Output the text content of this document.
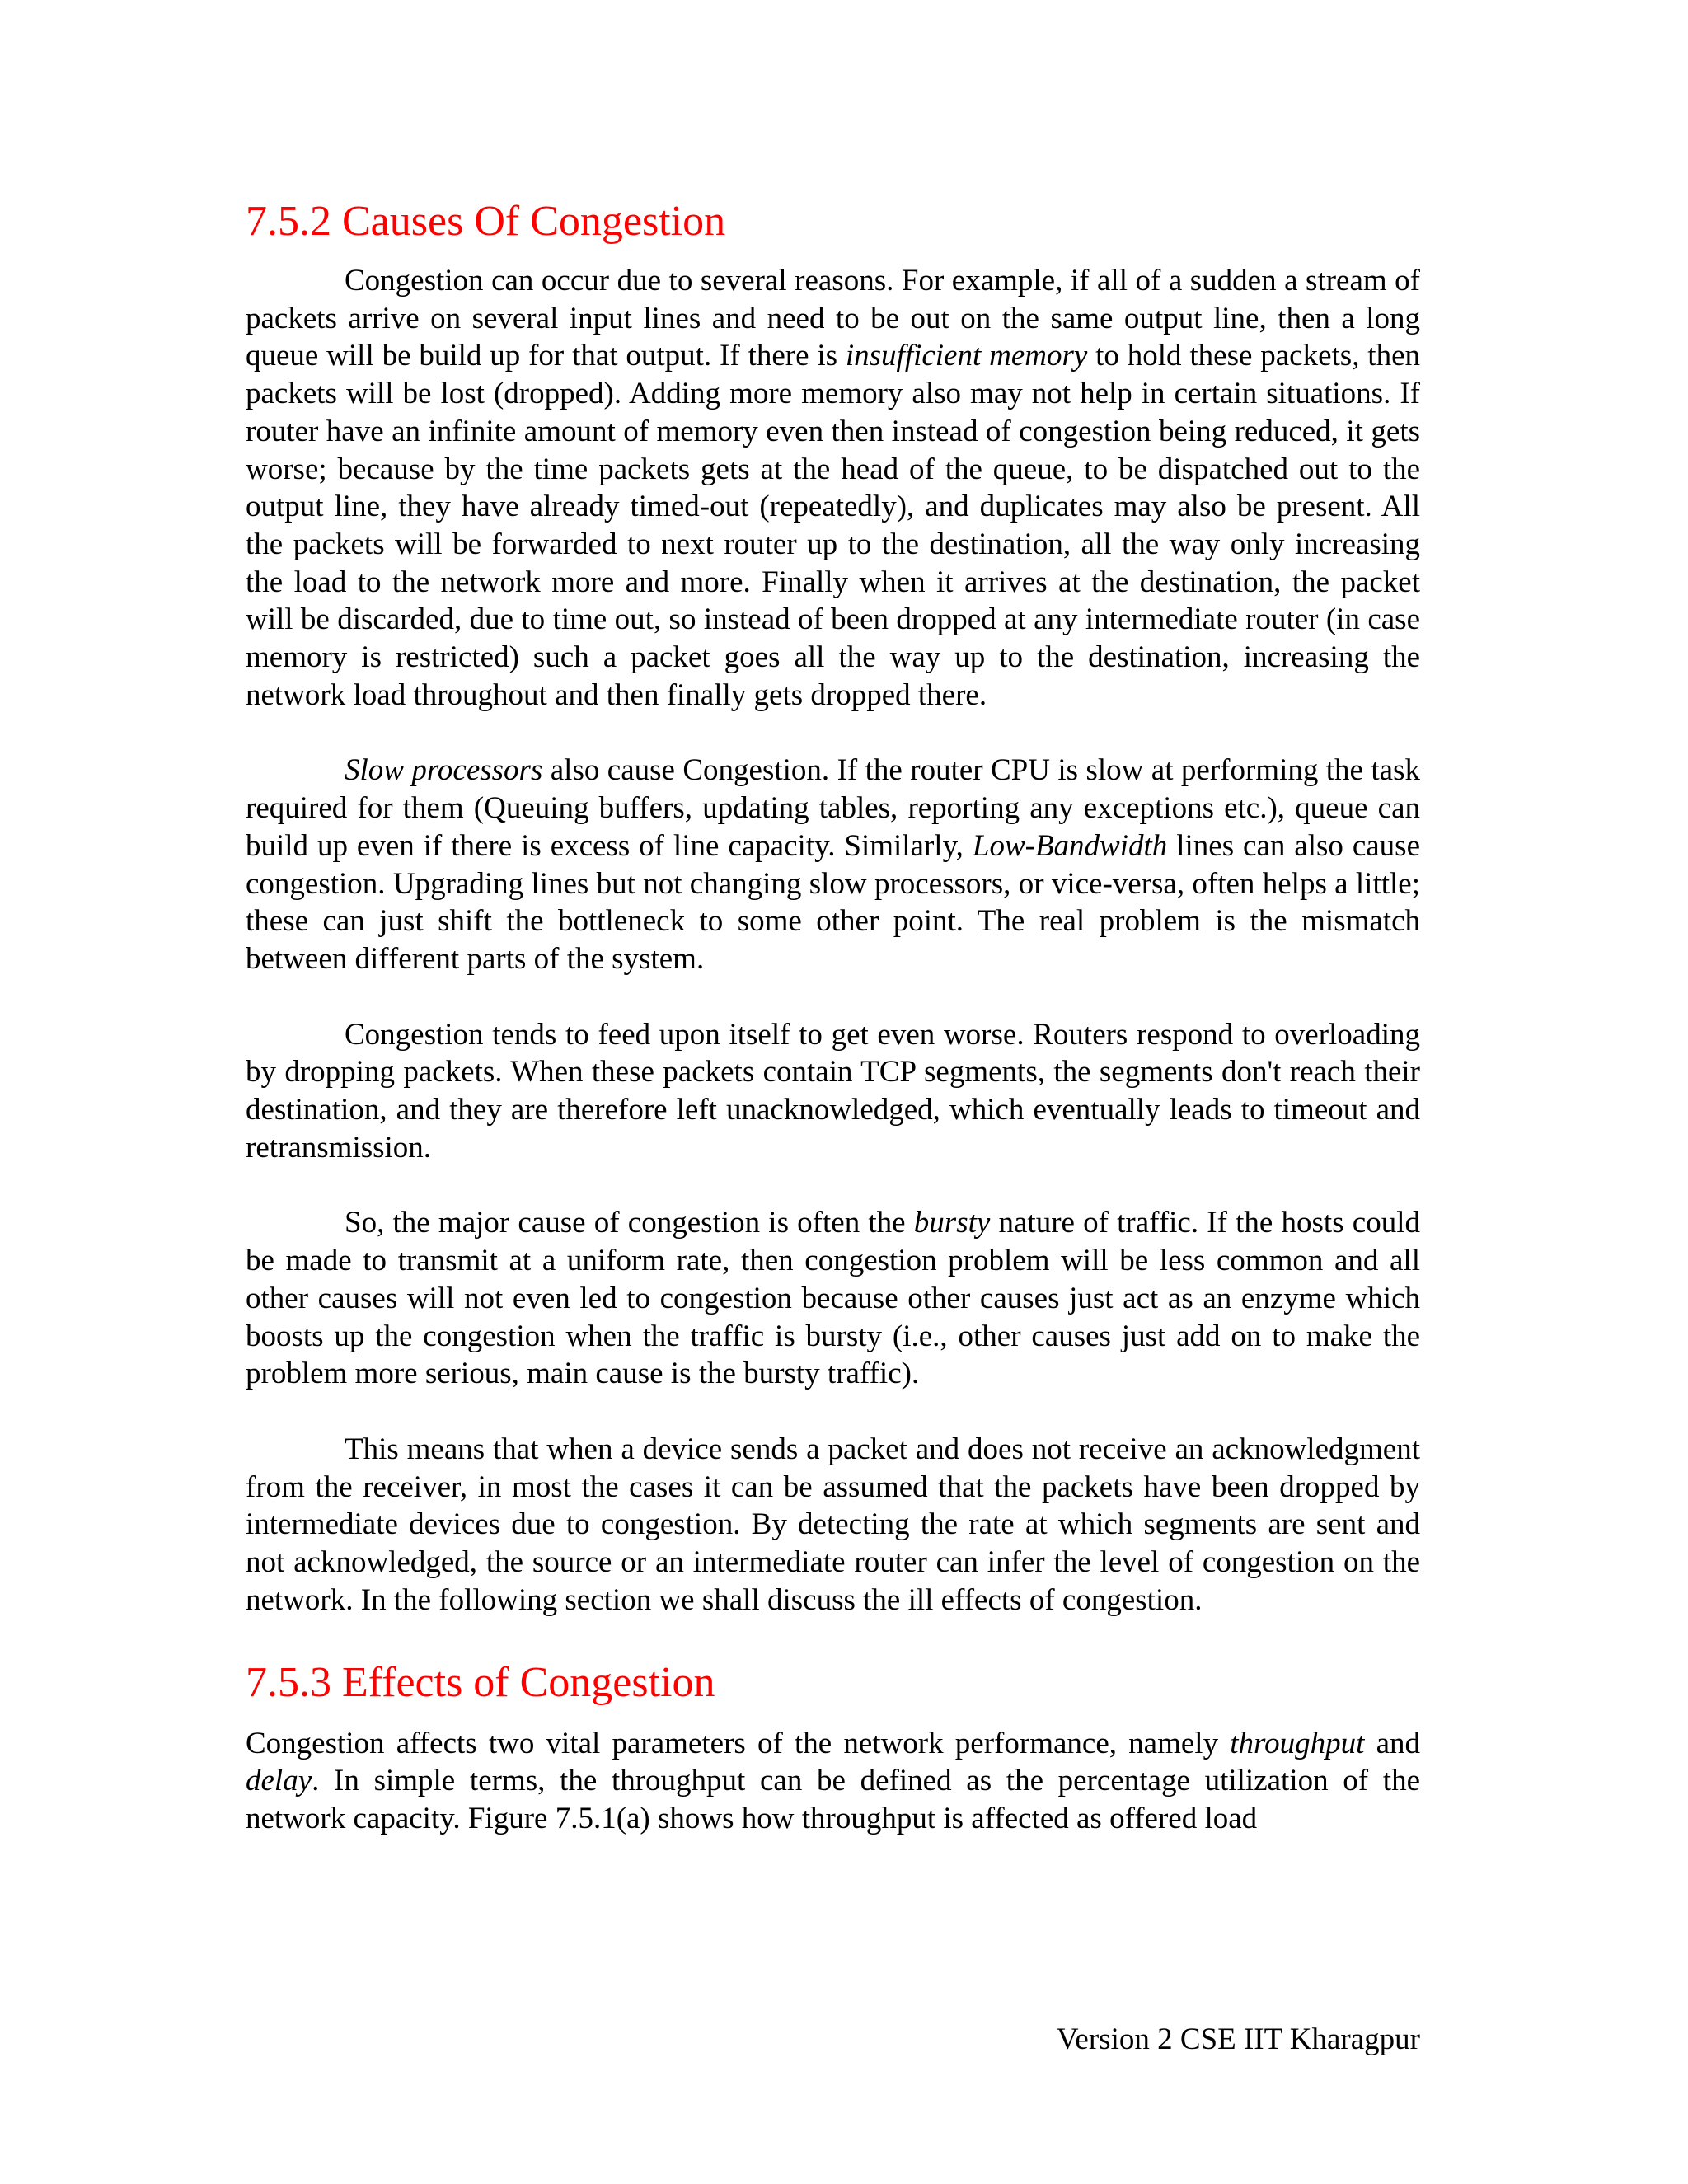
7.5.2 Causes Of Congestion

Congestion can occur due to several reasons. For example, if all of a sudden a stream of packets arrive on several input lines and need to be out on the same output line, then a long queue will be build up for that output. If there is insufficient memory to hold these packets, then packets will be lost (dropped). Adding more memory also may not help in certain situations. If router have an infinite amount of memory even then instead of congestion being reduced, it gets worse; because by the time packets gets at the head of the queue, to be dispatched out to the output line, they have already timed-out (repeatedly), and duplicates may also be present. All the packets will be forwarded to next router up to the destination, all the way only increasing the load to the network more and more. Finally when it arrives at the destination, the packet will be discarded, due to time out, so instead of been dropped at any intermediate router (in case memory is restricted) such a packet goes all the way up to the destination, increasing the network load throughout and then finally gets dropped there.

Slow processors also cause Congestion. If the router CPU is slow at performing the task required for them (Queuing buffers, updating tables, reporting any exceptions etc.), queue can build up even if there is excess of line capacity. Similarly, Low-Bandwidth lines can also cause congestion. Upgrading lines but not changing slow processors, or vice-versa, often helps a little; these can just shift the bottleneck to some other point. The real problem is the mismatch between different parts of the system.

Congestion tends to feed upon itself to get even worse. Routers respond to overloading by dropping packets. When these packets contain TCP segments, the segments don't reach their destination, and they are therefore left unacknowledged, which eventually leads to timeout and retransmission.

So, the major cause of congestion is often the bursty nature of traffic. If the hosts could be made to transmit at a uniform rate, then congestion problem will be less common and all other causes will not even led to congestion because other causes just act as an enzyme which boosts up the congestion when the traffic is bursty (i.e., other causes just add on to make the problem more serious, main cause is the bursty traffic).

This means that when a device sends a packet and does not receive an acknowledgment from the receiver, in most the cases it can be assumed that the packets have been dropped by intermediate devices due to congestion. By detecting the rate at which segments are sent and not acknowledged, the source or an intermediate router can infer the level of congestion on the network. In the following section we shall discuss the ill effects of congestion.

7.5.3 Effects of Congestion

Congestion affects two vital parameters of the network performance, namely throughput and delay. In simple terms, the throughput can be defined as the percentage utilization of the network capacity. Figure 7.5.1(a) shows how throughput is affected as offered load

Version 2 CSE IIT Kharagpur
